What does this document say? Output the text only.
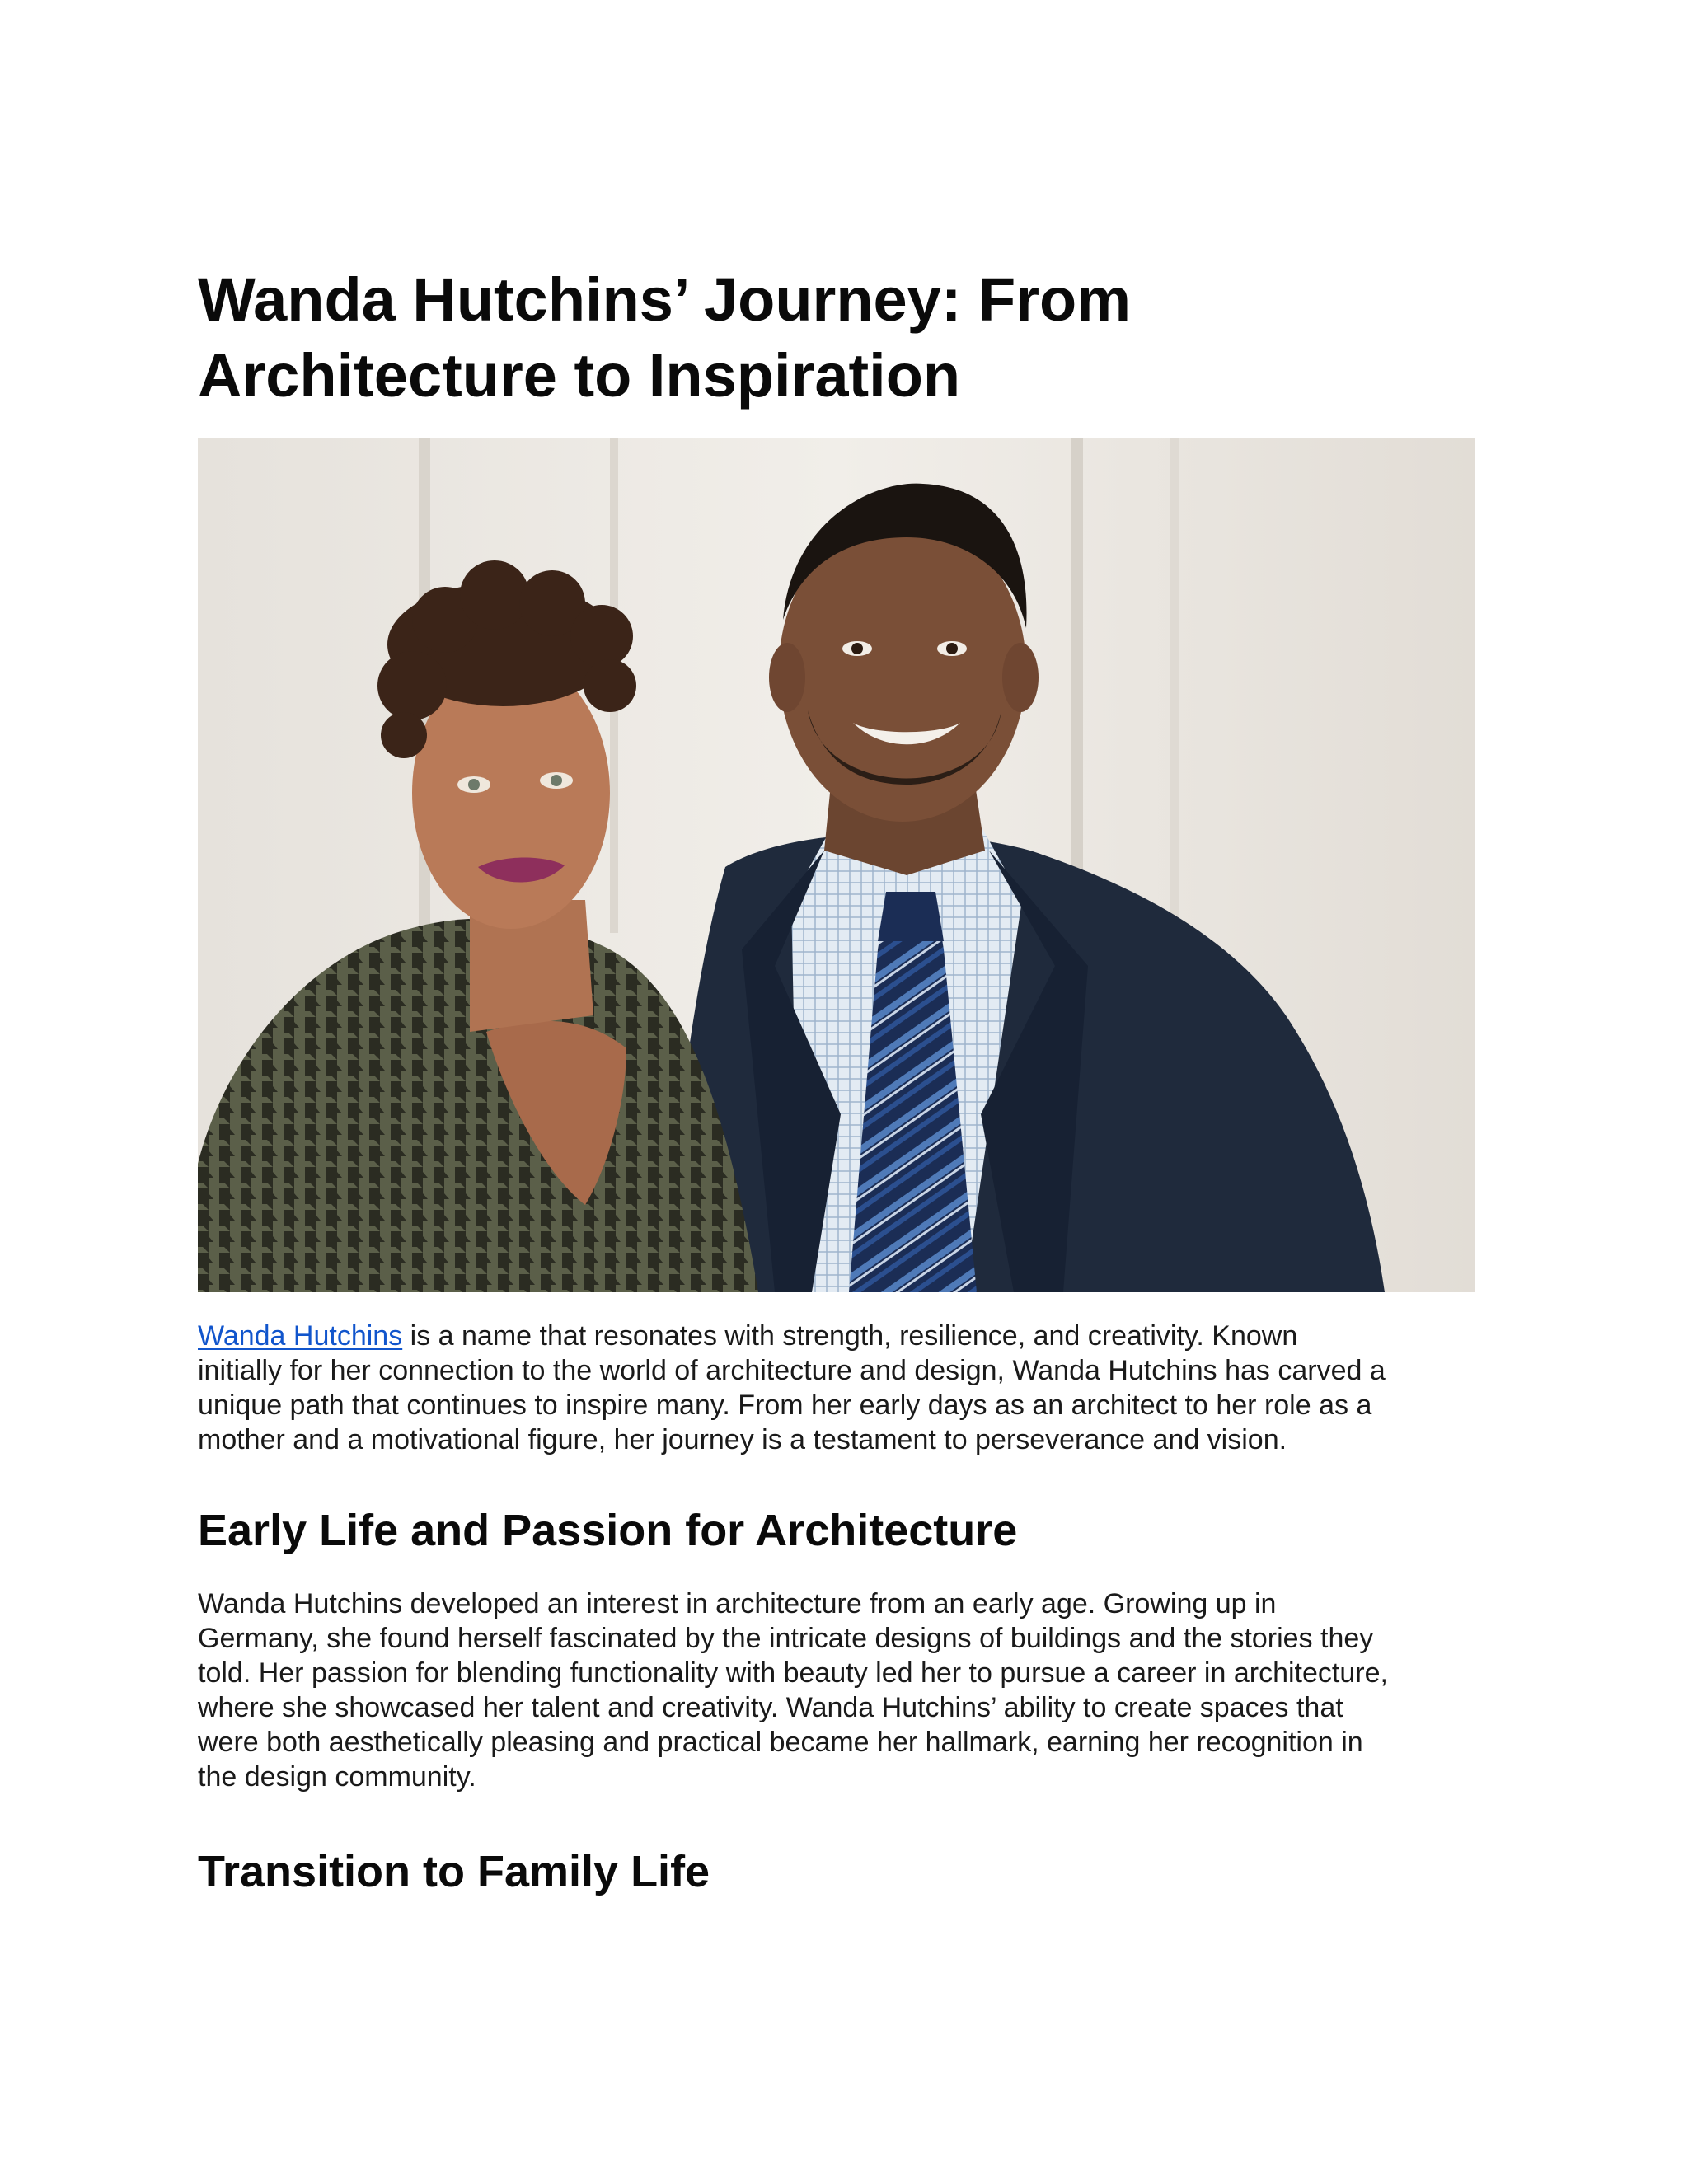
Wanda Hutchins’ Journey: From
Architecture to Inspiration
Wanda Hutchins is a name that resonates with strength, resilience, and creativity. Known
initially for her connection to the world of architecture and design, Wanda Hutchins has carved a
unique path that continues to inspire many. From her early days as an architect to her role as a
mother and a motivational figure, her journey is a testament to perseverance and vision.
Early Life and Passion for Architecture
Wanda Hutchins developed an interest in architecture from an early age. Growing up in
Germany, she found herself fascinated by the intricate designs of buildings and the stories they
told. Her passion for blending functionality with beauty led her to pursue a career in architecture,
where she showcased her talent and creativity. Wanda Hutchins’ ability to create spaces that
were both aesthetically pleasing and practical became her hallmark, earning her recognition in
the design community.
Transition to Family Life
